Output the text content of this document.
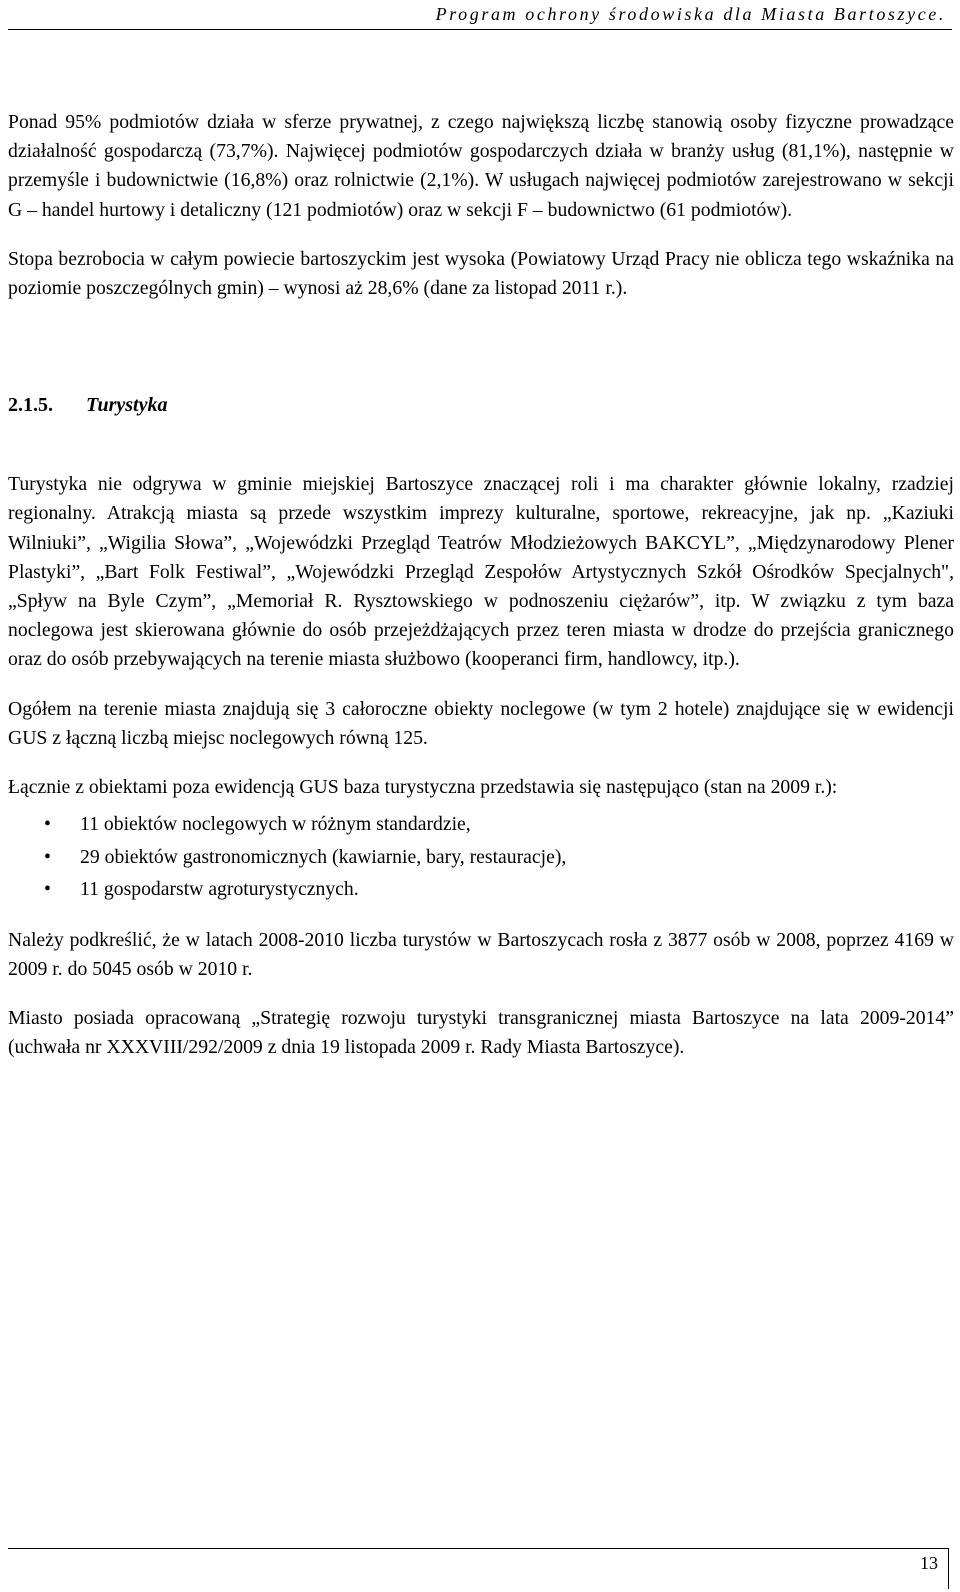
Program ochrony środowiska dla Miasta Bartoszyce.

Ponad 95% podmiotów działa w sferze prywatnej, z czego największą liczbę stanowią osoby fizyczne prowadzące działalność gospodarczą (73,7%). Najwięcej podmiotów gospodarczych działa w branży usług (81,1%), następnie w przemyśle i budownictwie (16,8%) oraz rolnictwie (2,1%). W usługach najwięcej podmiotów zarejestrowano w sekcji G – handel hurtowy i detaliczny (121 podmiotów) oraz w sekcji F – budownictwo (61 podmiotów).

Stopa bezrobocia w całym powiecie bartoszyckim jest wysoka (Powiatowy Urząd Pracy nie oblicza tego wskaźnika na poziomie poszczególnych gmin) – wynosi aż 28,6% (dane za listopad 2011 r.).

2.1.5. Turystyka

Turystyka nie odgrywa w gminie miejskiej Bartoszyce znaczącej roli i ma charakter głównie lokalny, rzadziej regionalny. Atrakcją miasta są przede wszystkim imprezy kulturalne, sportowe, rekreacyjne, jak np. „Kaziuki Wilniuki”, „Wigilia Słowa”, „Wojewódzki Przegląd Teatrów Młodzieżowych BAKCYL”, „Międzynarodowy Plener Plastyki”, „Bart Folk Festiwal”, „Wojewódzki Przegląd Zespołów Artystycznych Szkół Ośrodków Specjalnych", „Spływ na Byle Czym”, „Memoriał R. Rysztowskiego w podnoszeniu ciężarów”, itp. W związku z tym baza noclegowa jest skierowana głównie do osób przejeżdżających przez teren miasta w drodze do przejścia granicznego oraz do osób przebywających na terenie miasta służbowo (kooperanci firm, handlowcy, itp.).

Ogółem na terenie miasta znajdują się 3 całoroczne obiekty noclegowe (w tym 2 hotele) znajdujące się w ewidencji GUS z łączną liczbą miejsc noclegowych równą 125.

Łącznie z obiektami poza ewidencją GUS baza turystyczna przedstawia się następująco (stan na 2009 r.):

• 11 obiektów noclegowych w różnym standardzie,
• 29 obiektów gastronomicznych (kawiarnie, bary, restauracje),
• 11 gospodarstw agroturystycznych.

Należy podkreślić, że w latach 2008-2010 liczba turystów w Bartoszycach rosła z 3877 osób w 2008, poprzez 4169 w 2009 r. do 5045 osób w 2010 r.

Miasto posiada opracowaną „Strategię rozwoju turystyki transgranicznej miasta Bartoszyce na lata 2009-2014” (uchwała nr XXXVIII/292/2009 z dnia 19 listopada 2009 r. Rady Miasta Bartoszyce).

13
